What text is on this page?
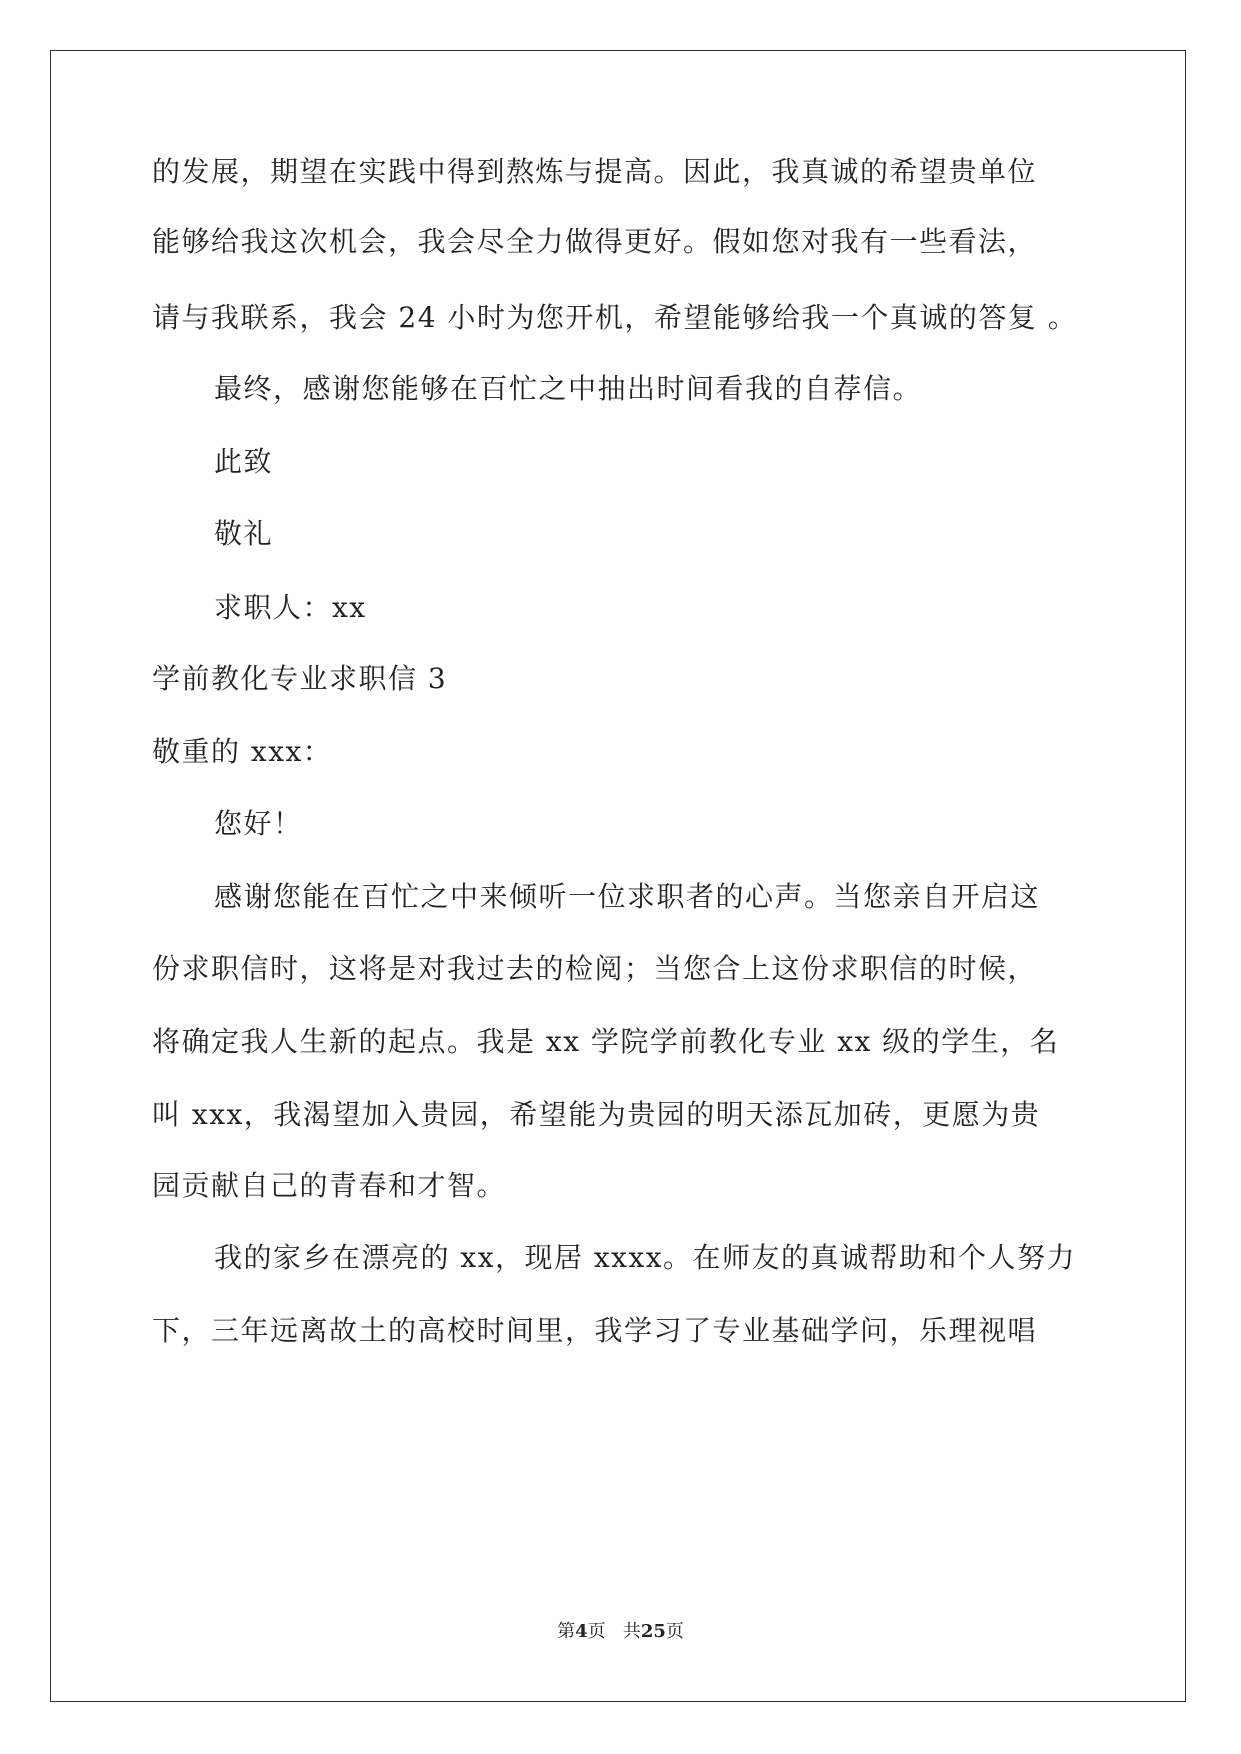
的发展，期望在实践中得到熬炼与提高。因此，我真诚的希望贵单位
能够给我这次机会，我会尽全力做得更好。假如您对我有一些看法，
请与我联系，我会 24 小时为您开机，希望能够给我一个真诚的答复 。
最终，感谢您能够在百忙之中抽出时间看我的自荐信。
此致
敬礼
求职人：xx
学前教化专业求职信 3
敬重的 xxx：
您好！
感谢您能在百忙之中来倾听一位求职者的心声。当您亲自开启这
份求职信时，这将是对我过去的检阅；当您合上这份求职信的时候，
将确定我人生新的起点。我是 xx 学院学前教化专业 xx 级的学生，名
叫 xxx，我渴望加入贵园，希望能为贵园的明天添瓦加砖，更愿为贵
园贡献自己的青春和才智。
我的家乡在漂亮的 xx，现居 xxxx。在师友的真诚帮助和个人努力
下，三年远离故土的高校时间里，我学习了专业基础学问，乐理视唱
第4页 共25页
